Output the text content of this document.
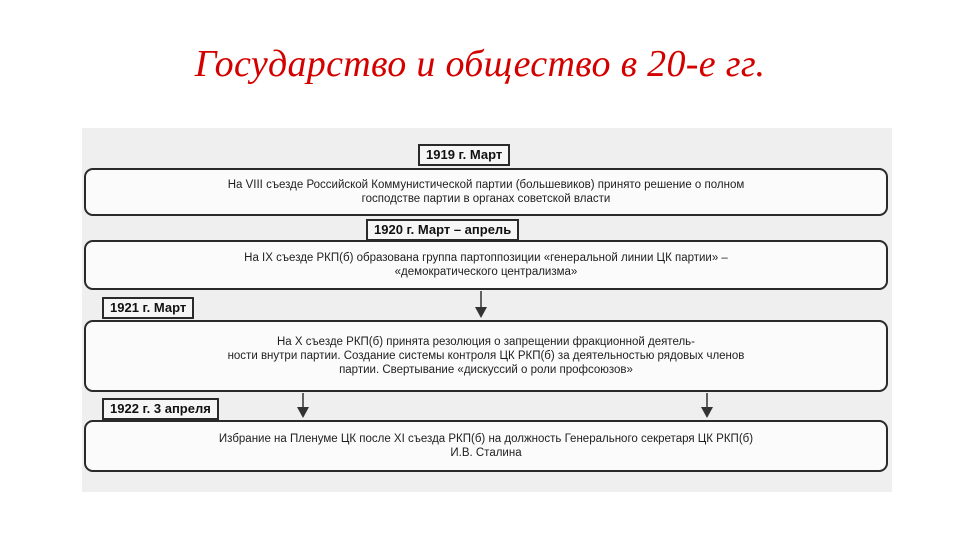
Государство и общество в 20-е гг.
На VIII съезде Российской Коммунистической партии (большевиков) принято решение о полном
господстве партии в органах советской власти
1919 г. Март
На IX съезде РКП(б) образована группа партоппозиции «генеральной линии ЦК партии» –
«демократического централизма»
1920 г. Март – апрель
На X съезде РКП(б) принята резолюция о запрещении фракционной деятель-
ности внутри партии. Создание системы контроля ЦК РКП(б) за деятельностью рядовых членов
партии. Свертывание «дискуссий о роли профсоюзов»
1921 г. Март
Избрание на Пленуме ЦК после XI съезда РКП(б) на должность Генерального секретаря ЦК РКП(б)
И.В. Сталина
1922 г. 3 апреля
